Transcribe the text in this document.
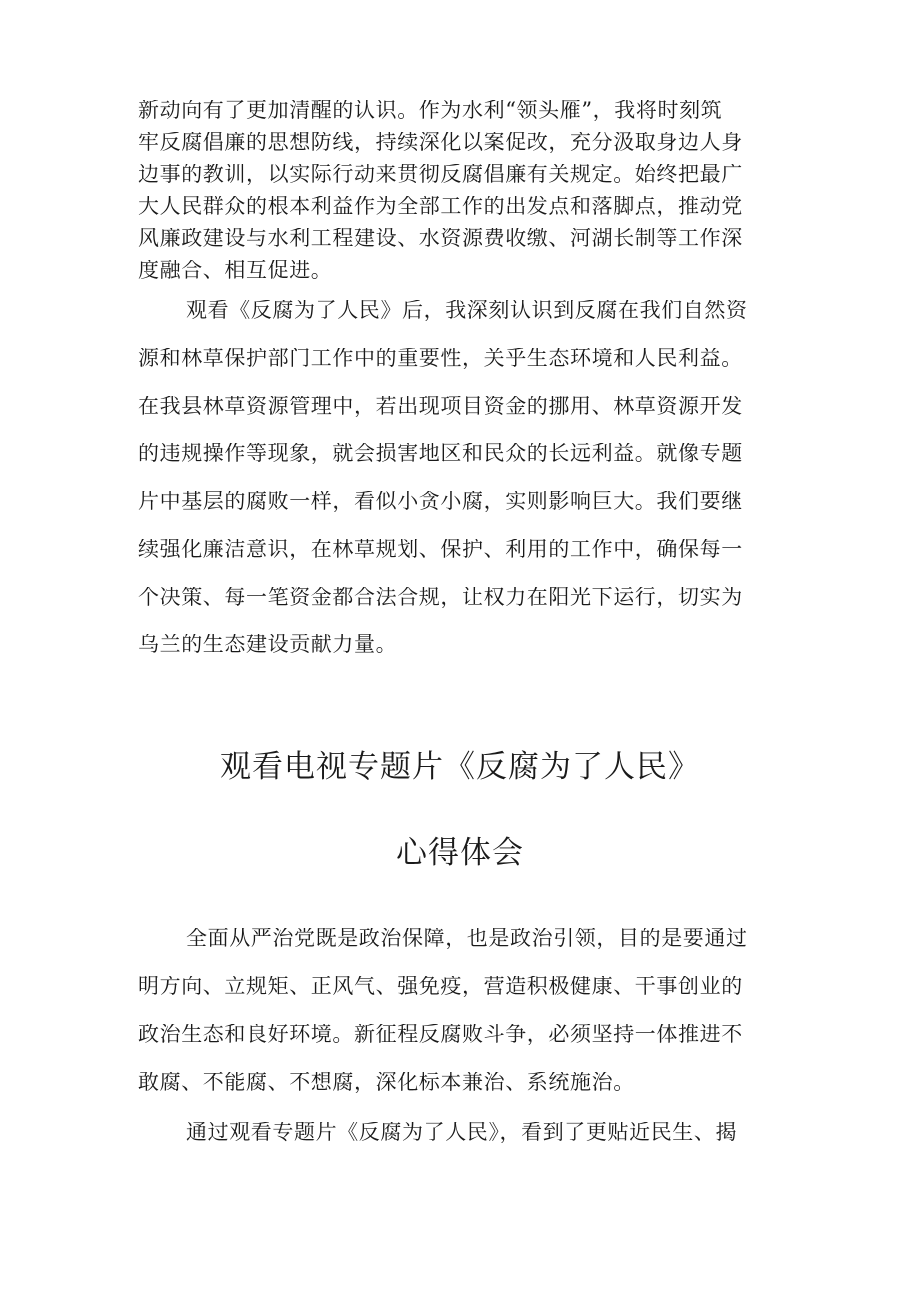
新动向有了更加清醒的认识。作为水利“领头雁”，我将时刻筑

牢反腐倡廉的思想防线，持续深化以案促改，充分汲取身边人身

边事的教训，以实际行动来贯彻反腐倡廉有关规定。始终把最广

大人民群众的根本利益作为全部工作的出发点和落脚点，推动党

风廉政建设与水利工程建设、水资源费收缴、河湖长制等工作深

度融合、相互促进。

观看《反腐为了人民》后，我深刻认识到反腐在我们自然资

源和林草保护部门工作中的重要性，关乎生态环境和人民利益。

在我县林草资源管理中，若出现项目资金的挪用、林草资源开发

的违规操作等现象，就会损害地区和民众的长远利益。就像专题

片中基层的腐败一样，看似小贪小腐，实则影响巨大。我们要继

续强化廉洁意识，在林草规划、保护、利用的工作中，确保每一

个决策、每一笔资金都合法合规，让权力在阳光下运行，切实为

乌兰的生态建设贡献力量。

观看电视专题片《反腐为了人民》
心得体会

全面从严治党既是政治保障，也是政治引领，目的是要通过

明方向、立规矩、正风气、强免疫，营造积极健康、干事创业的

政治生态和良好环境。新征程反腐败斗争，必须坚持一体推进不

敢腐、不能腐、不想腐，深化标本兼治、系统施治。

通过观看专题片《反腐为了人民》，看到了更贴近民生、揭
